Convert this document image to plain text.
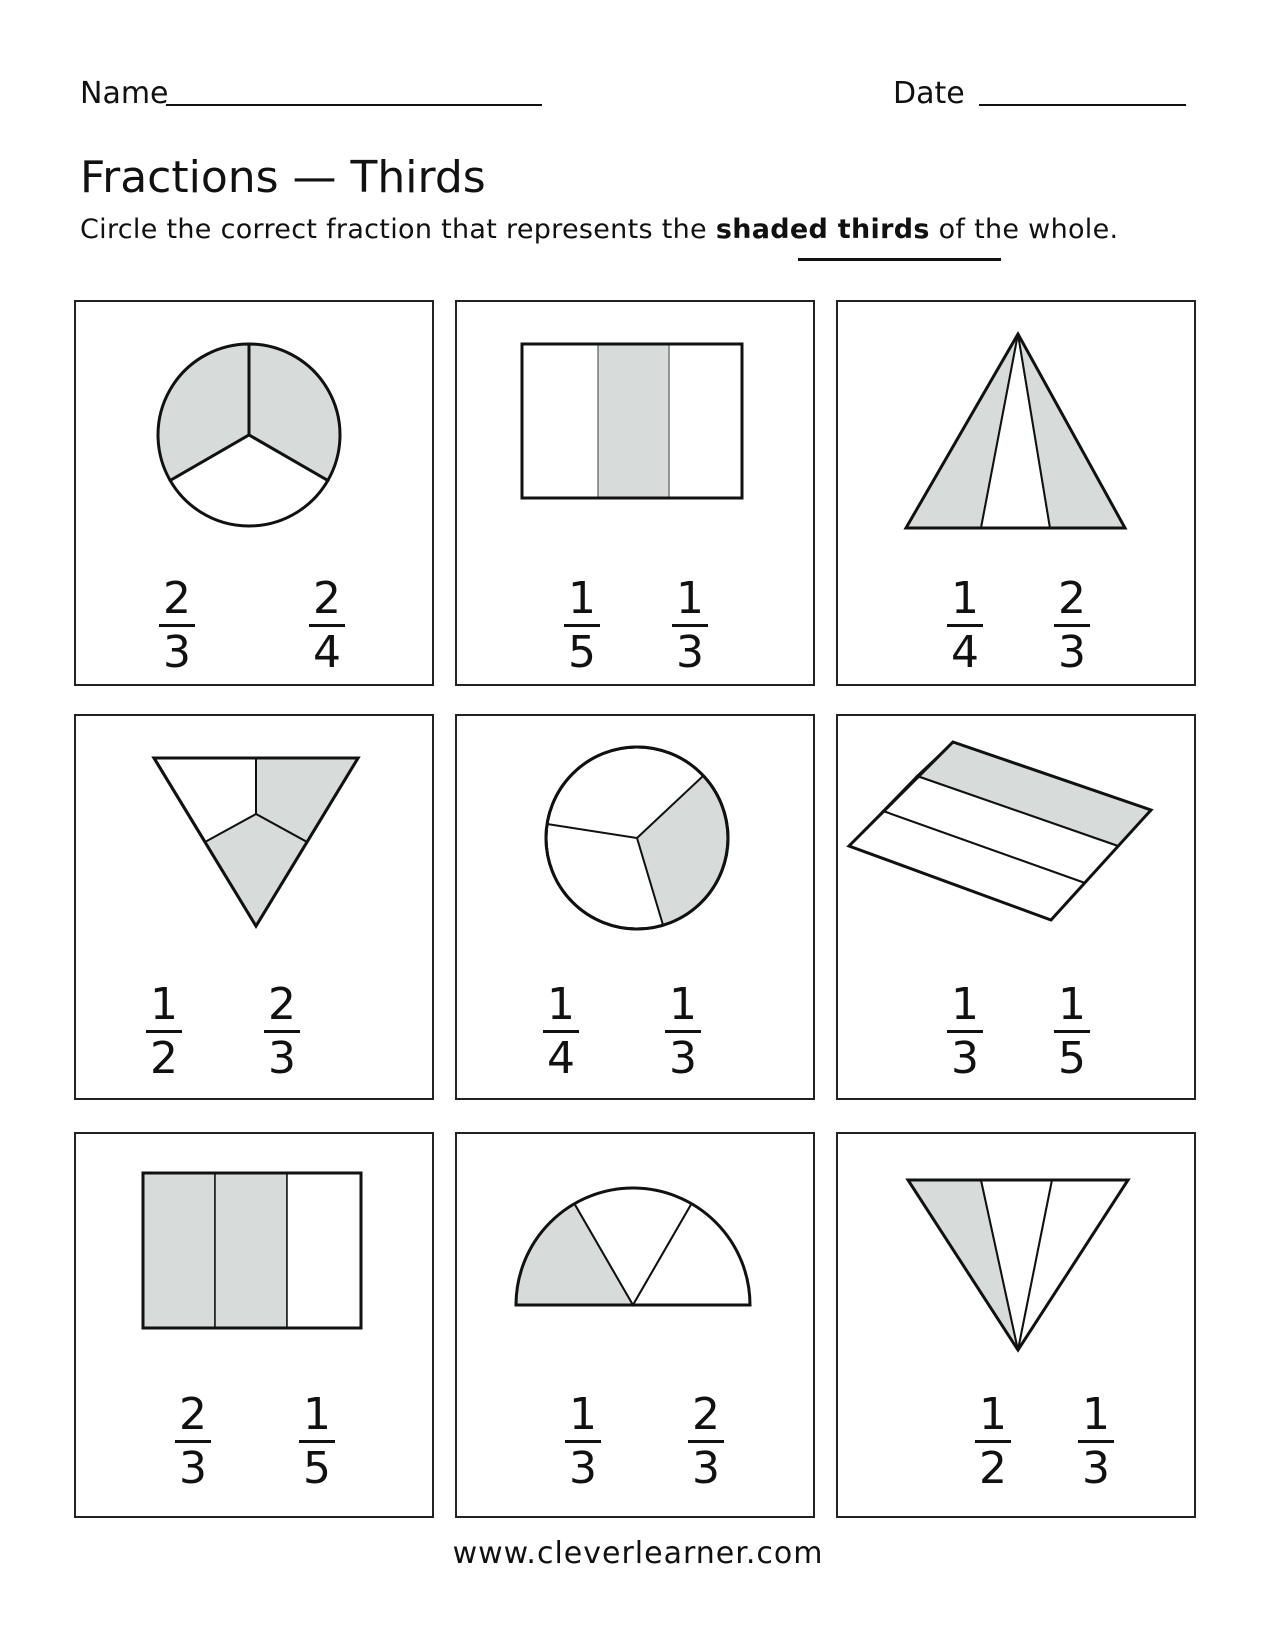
Name	Date
Fractions — Thirds
Circle the correct fraction that represents the shaded thirds of the whole.
2
3
2
4
1
5
1
3
1
4
2
3
1
2
2
3
1
4
1
3
1
3
1
5
2
3
1
5
1
3
2
3
1
2
1
3
www.cleverlearner.com
